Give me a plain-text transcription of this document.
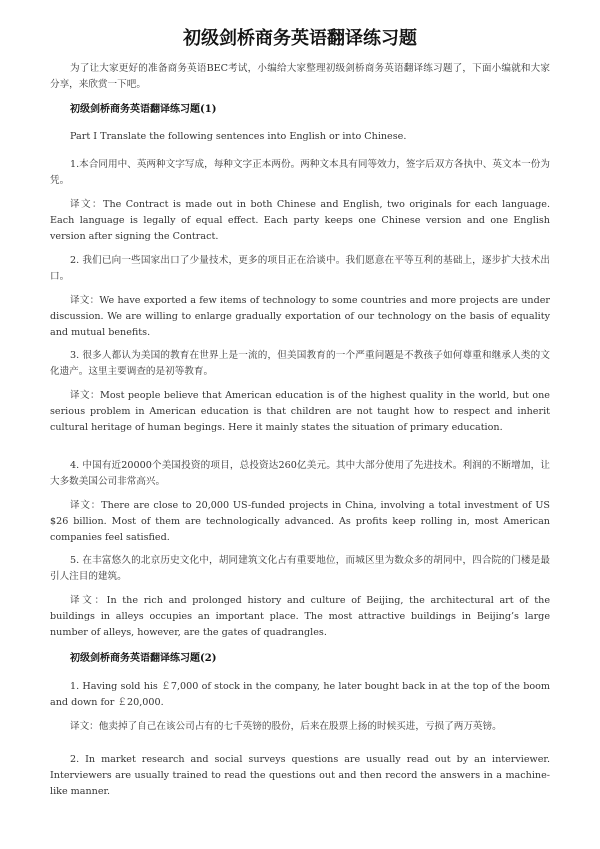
初级剑桥商务英语翻译练习题

为了让大家更好的准备商务英语BEC考试，小编给大家整理初级剑桥商务英语翻译练习题了，下面小编就和大家分享，来欣赏一下吧。

初级剑桥商务英语翻译练习题(1)

Part I Translate the following sentences into English or into Chinese.

1.本合同用中、英两种文字写成，每种文字正本两份。两种文本具有同等效力，签字后双方各执中、英文本一份为凭。

译文：The Contract is made out in both Chinese and English, two originals for each language. Each language is legally of equal effect. Each party keeps one Chinese version and one English version after signing the Contract.

2. 我们已向一些国家出口了少量技术，更多的项目正在洽谈中。我们愿意在平等互利的基础上，逐步扩大技术出口。

译文：We have exported a few items of technology to some countries and more projects are under discussion. We are willing to enlarge gradually exportation of our technology on the basis of equality and mutual benefits.

3. 很多人都认为美国的教育在世界上是一流的，但美国教育的一个严重问题是不教孩子如何尊重和继承人类的文化遗产。这里主要调查的是初等教育。

译文：Most people believe that American education is of the highest quality in the world, but one serious problem in American education is that children are not taught how to respect and inherit cultural heritage of human begings. Here it mainly states the situation of primary education.

4. 中国有近20000个美国投资的项目，总投资达260亿美元。其中大部分使用了先进技术。利润的不断增加，让大多数美国公司非常高兴。

译文：There are close to 20,000 US-funded projects in China, involving a total investment of US $26 billion. Most of them are technologically advanced. As profits keep rolling in, most American companies feel satisfied.

5. 在丰富悠久的北京历史文化中，胡同建筑文化占有重要地位，而城区里为数众多的胡同中，四合院的门楼是最引人注目的建筑。

译文：In the rich and prolonged history and culture of Beijing, the architectural art of the buildings in alleys occupies an important place. The most attractive buildings in Beijing’s large number of alleys, however, are the gates of quadrangles.

初级剑桥商务英语翻译练习题(2)

1. Having sold his ￡7,000 of stock in the company, he later bought back in at the top of the boom and down for ￡20,000.

译文：他卖掉了自己在该公司占有的七千英镑的股份，后来在股票上扬的时候买进，亏损了两万英镑。

2. In market research and social surveys questions are usually read out by an interviewer. Interviewers are usually trained to read the questions out and then record the answers in a machine-like manner.
